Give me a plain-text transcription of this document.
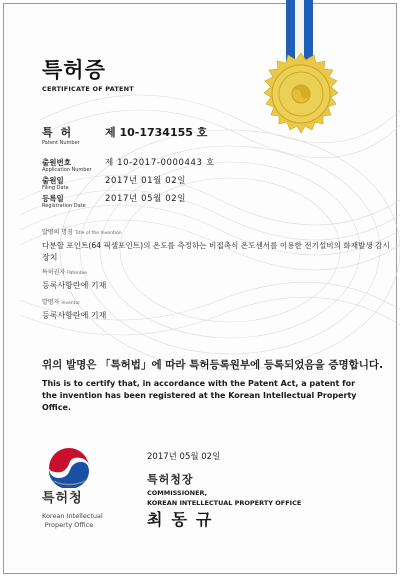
특허증
CERTIFICATE OF PATENT
특 허
Patent Number
제 10-1734155 호
출원번호
Application Number
제 10-2017-0000443 호
출원일
Filing Date
2017년 01월 02일
등록일
Registration Date
2017년 05월 02일
발명의 명칭 Title of the Invention
다분할 포인트(64 픽셀포인트)의 온도를 측정하는 비접촉식 온도센서를 이용한 전기설비의 화재발생 감시
장치
특허권자 Patentee
등록사항란에 기재
발명자 Inventor
등록사항란에 기재
위의 발명은 「특허법」에 따라 특허등록원부에 등록되었음을 증명합니다.
This is to certify that, in accordance with the Patent Act, a patent for the invention has been registered at the Korean Intellectual Property Office.
2017년 05월 02일
특허청장
COMMISSIONER,
KOREAN INTELLECTUAL PROPERTY OFFICE
최동규
특허청
Korean Intellectual
Property Office
